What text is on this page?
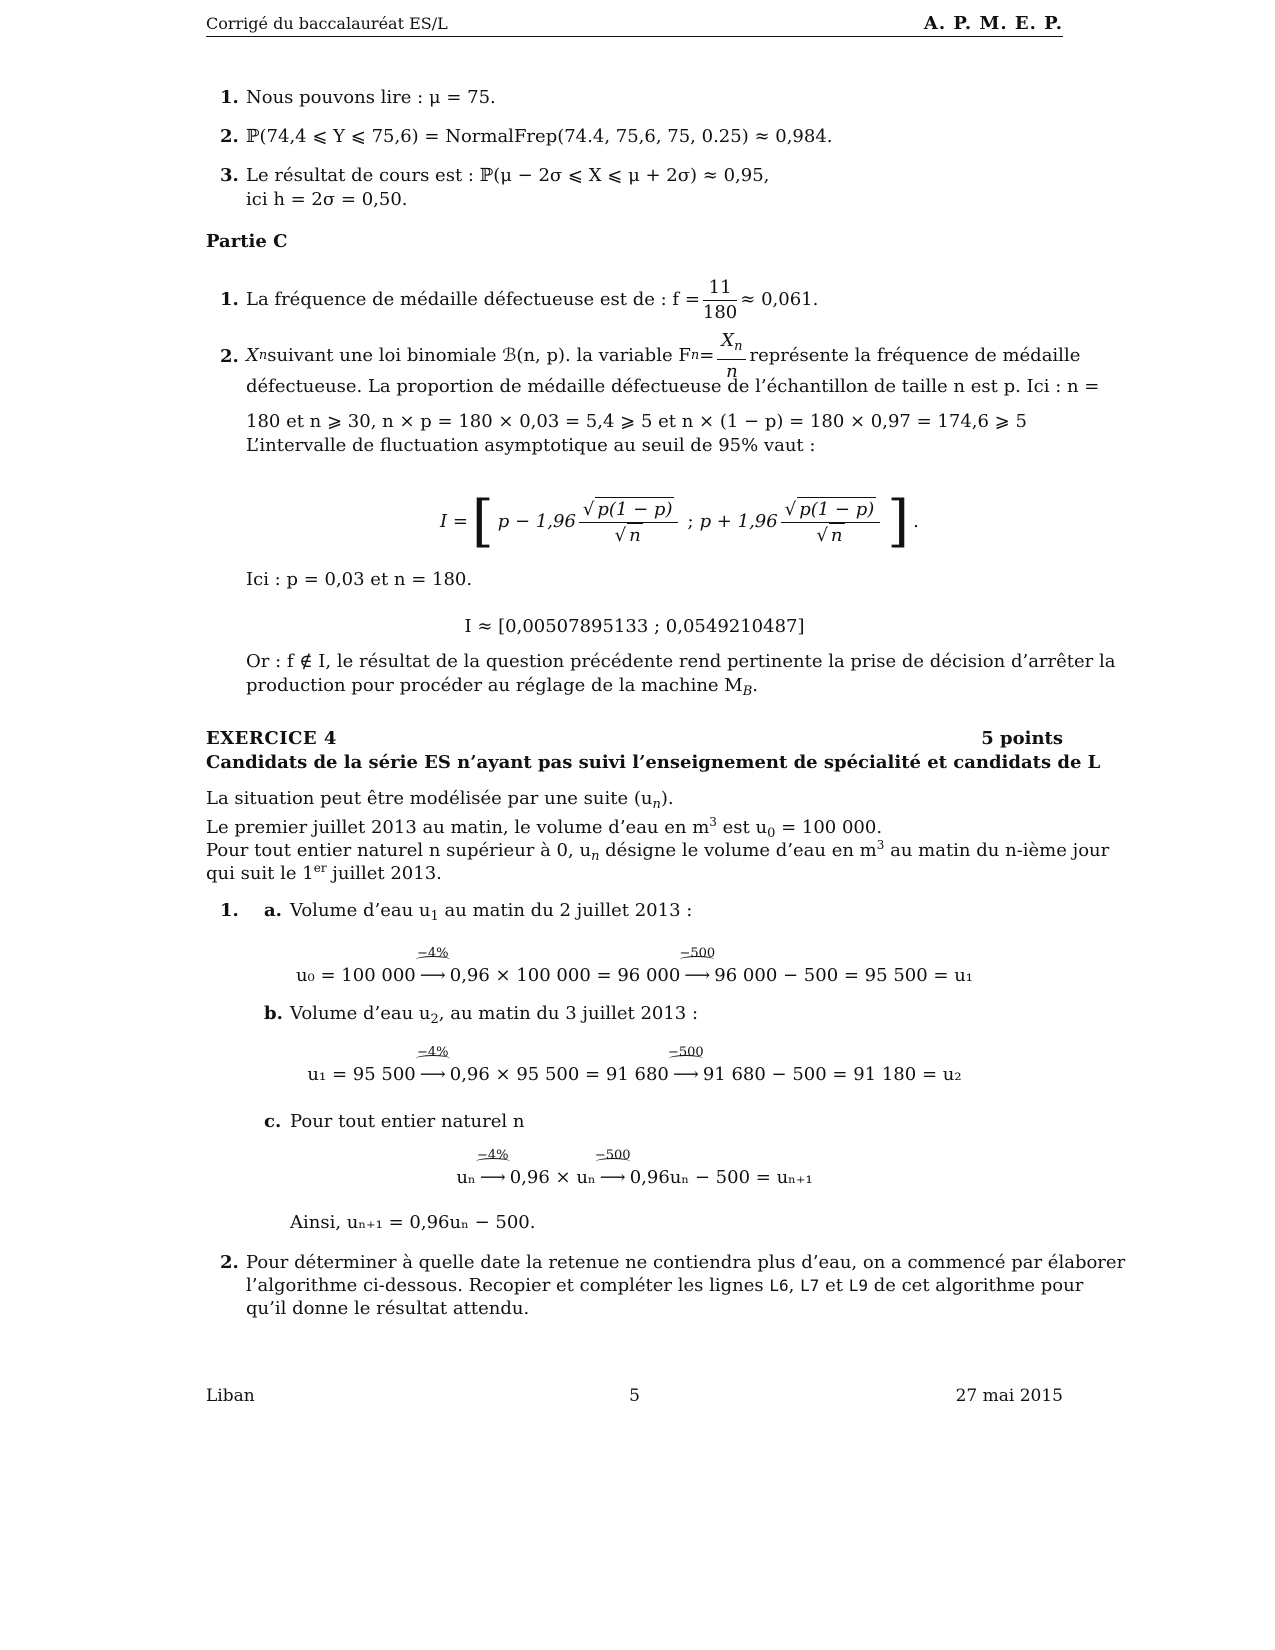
Corrigé du baccalauréat ES/L	A. P. M. E. P.
1. Nous pouvons lire : μ = 75.
2. ℙ(74,4 ⩽ Y ⩽ 75,6) = NormalFrep(74.4, 75,6, 75, 0.25) ≈ 0,984.
3. Le résultat de cours est : ℙ(μ − 2σ ⩽ X ⩽ μ + 2σ) ≈ 0,95,
ici h = 2σ = 0,50.
Partie C
1. La fréquence de médaille défectueuse est de : $f = \frac{11}{180} \approx 0,061$.
2. X n suivant une loi binomiale ℬ(n, p). la variable F $n = \frac{X_n}{n}$ représente la fréquence de médaille
défectueuse. La proportion de médaille défectueuse de l’échantillon de taille n est p. Ici : n =
180 et n ⩾ 30, n × p = 180 × 0,03 = 5,4 ⩾ 5 et n × (1 − p) = 180 × 0,97 = 174,6 ⩾ 5
L’intervalle de fluctuation asymptotique au seuil de 95% vaut :
I = [ $p - 1,96 \frac{√ p(1 - p)}{√ n}$ ; $p + 1,96 \frac{√ p(1 - p)}{√ n}$ ] .
Ici : p = 0,03 et n = 180.
I ≈ [0,00507895133 ; 0,0549210487]
Or : f ∉ I, le résultat de la question précédente rend pertinente la prise de décision d’arrêter la
production pour procéder au réglage de la machine $M_B$.
EXERCICE 4	5 points
Candidats de la série ES n’ayant pas suivi l’enseignement de spécialité et candidats de L
La situation peut être modélisée par une suite $(u_n)$.
Le premier juillet 2013 au matin, le volume d’eau en $m^3$ est $u_0 = 100$ 000.
Pour tout entier naturel n supérieur à 0, $u_n$ désigne le volume d’eau en $m^3$ au matin du n-ième jour
qui suit le 1er juillet 2013.
1. a. Volume d’eau $u_1$ au matin du 2 juillet 2013 :
u₀ = 100 000
−4%
⟶ 0,96 × 100 000 = 96 000
−500
⟶ 96 000 − 500 = 95 500 = u₁
b. Volume d’eau $u_2$, au matin du 3 juillet 2013 :
u₁ = 95 500
−4%
⟶ 0,96 × 95 500 = 91 680
−500
⟶ 91 680 − 500 = 91 180 = u₂
c. Pour tout entier naturel n
uₙ
−4%
⟶ 0,96 × uₙ
−500
⟶ 0,96uₙ − 500 = uₙ₊₁
Ainsi, uₙ₊₁ = 0,96uₙ − 500.
2. Pour déterminer à quelle date la retenue ne contiendra plus d’eau, on a commencé par élaborer
l’algorithme ci-dessous. Recopier et compléter les lignes L6, L7 et L9 de cet algorithme pour
qu’il donne le résultat attendu.
Liban	5	27 mai 2015
